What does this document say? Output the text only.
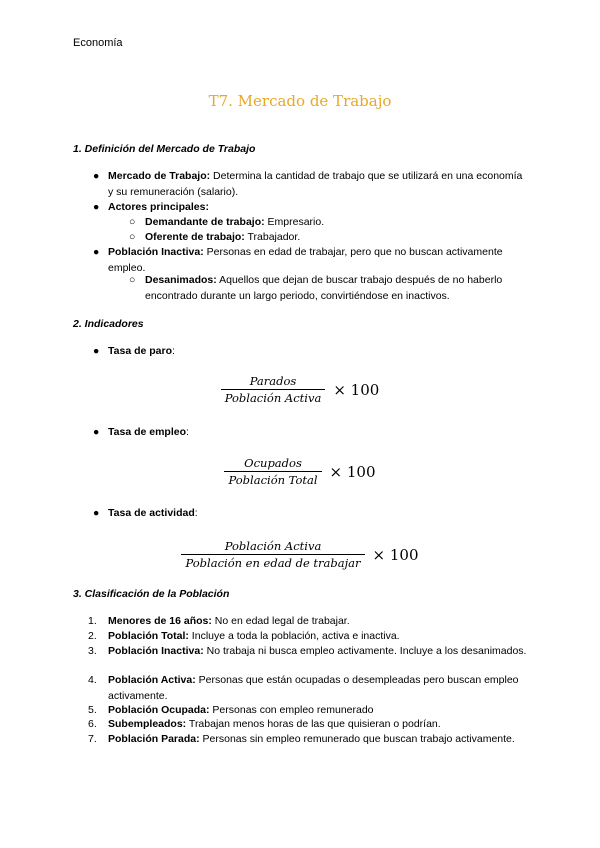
Economía
T7. Mercado de Trabajo
1. Definición del Mercado de Trabajo
● Mercado de Trabajo: Determina la cantidad de trabajo que se utilizará en una economía y su remuneración (salario).
● Actores principales:
○ Demandante de trabajo: Empresario.
○ Oferente de trabajo: Trabajador.
● Población Inactiva: Personas en edad de trabajar, pero que no buscan activamente empleo.
○ Desanimados: Aquellos que dejan de buscar trabajo después de no haberlo encontrado durante un largo periodo, convirtiéndose en inactivos.
2. Indicadores
● Tasa de paro:
$\frac{\text{Parados}}{\text{Población Activa}} \times 100$
● Tasa de empleo:
$\frac{\text{Ocupados}}{\text{Población Total}} \times 100$
● Tasa de actividad:
$\frac{\text{Población Activa}}{\text{Población en edad de trabajar}} \times 100$
3. Clasificación de la Población
1.	Menores de 16 años: No en edad legal de trabajar.
2.	Población Total: Incluye a toda la población, activa e inactiva.
3.	Población Inactiva: No trabaja ni busca empleo activamente. Incluye a los desanimados.
4.	Población Activa: Personas que están ocupadas o desempleadas pero buscan empleo activamente.
5.	Población Ocupada: Personas con empleo remunerado
6.	Subempleados: Trabajan menos horas de las que quisieran o podrían.
7.	Población Parada: Personas sin empleo remunerado que buscan trabajo activamente.
